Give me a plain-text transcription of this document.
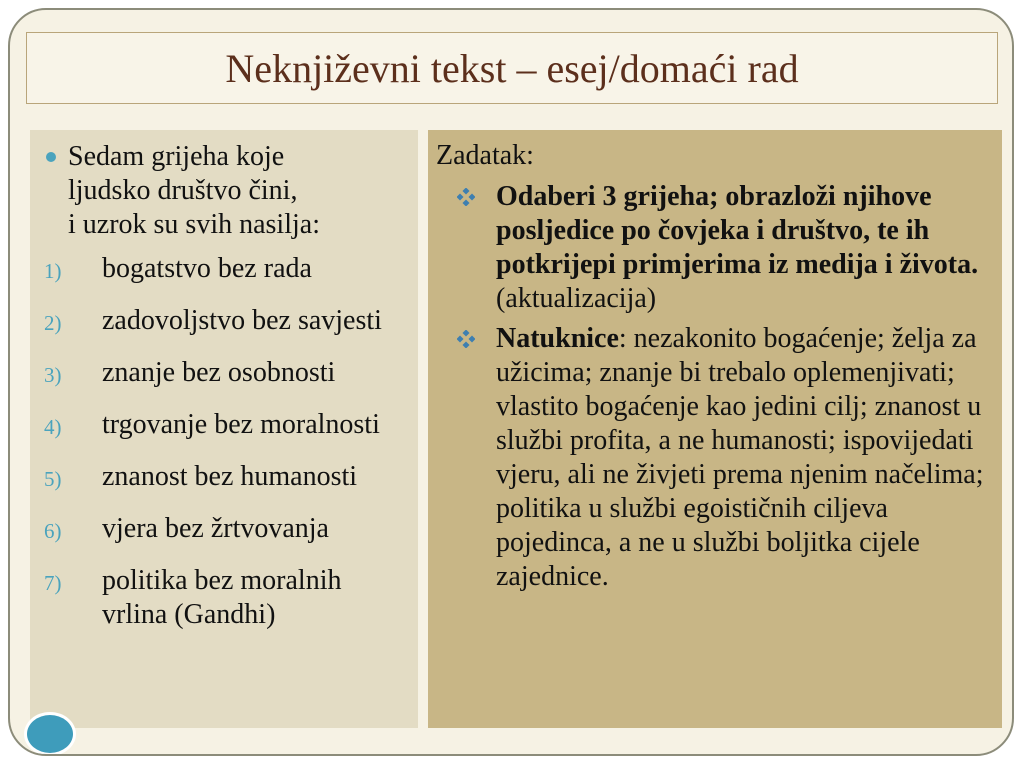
Neknjiževni tekst – esej/domaći rad
Sedam grijeha koje
ljudsko društvo čini,
i uzrok su svih nasilja:
1)	bogatstvo bez rada
2)	zadovoljstvo bez savjesti
3)	znanje bez osobnosti
4)	trgovanje bez moralnosti
5)	znanost bez humanosti
6)	vjera bez žrtvovanja
7)	politika bez moralnih vrlina (Gandhi)
Zadatak:
Odaberi 3 grijeha; obrazloži njihove posljedice po čovjeka i društvo, te ih potkrijepi primjerima iz medija i života. (aktualizacija)
Natuknice: nezakonito bogaćenje; želja za užicima; znanje bi trebalo oplemenjivati; vlastito bogaćenje kao jedini cilj; znanost u službi profita, a ne humanosti; ispovijedati vjeru, ali ne živjeti prema njenim načelima; politika u službi egoističnih ciljeva pojedinca, a ne u službi boljitka cijele zajednice.
